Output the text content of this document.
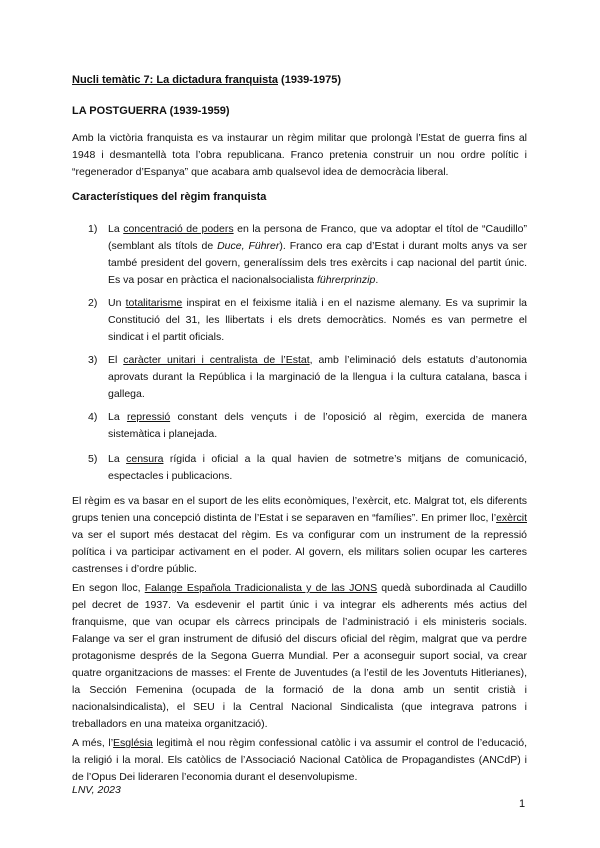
Nucli temàtic 7: La dictadura franquista (1939-1975)

LA POSTGUERRA (1939-1959)

Amb la victòria franquista es va instaurar un règim militar que prolongà l’Estat de guerra fins al 1948 i desmantellà tota l’obra republicana. Franco pretenia construir un nou ordre polític i “regenerador d’Espanya” que acabara amb qualsevol idea de democràcia liberal.

Característiques del règim franquista

1)	La concentració de poders en la persona de Franco, que va adoptar el títol de “Caudillo” (semblant als títols de Duce, Führer). Franco era cap d’Estat i durant molts anys va ser també president del govern, generalíssim dels tres exèrcits i cap nacional del partit únic. Es va posar en pràctica el nacionalsocialista führerprinzip.
2)	Un totalitarisme inspirat en el feixisme italià i en el nazisme alemany. Es va suprimir la Constitució del 31, les llibertats i els drets democràtics. Només es van permetre el sindicat i el partit oficials.
3)	El caràcter unitari i centralista de l’Estat, amb l’eliminació dels estatuts d’autonomia aprovats durant la República i la marginació de la llengua i la cultura catalana, basca i gallega.
4)	La repressió constant dels vençuts i de l’oposició al règim, exercida de manera sistemàtica i planejada.
5)	La censura rígida i oficial a la qual havien de sotmetre’s mitjans de comunicació, espectacles i publicacions.

El règim es va basar en el suport de les elits econòmiques, l’exèrcit, etc. Malgrat tot, els diferents grups tenien una concepció distinta de l’Estat i se separaven en “famílies”. En primer lloc, l’exèrcit va ser el suport més destacat del règim. Es va configurar com un instrument de la repressió política i va participar activament en el poder. Al govern, els militars solien ocupar les carteres castrenses i d’ordre públic.

En segon lloc, Falange Española Tradicionalista y de las JONS quedà subordinada al Caudillo pel decret de 1937. Va esdevenir el partit únic i va integrar els adherents més actius del franquisme, que van ocupar els càrrecs principals de l’administració i els ministeris socials. Falange va ser el gran instrument de difusió del discurs oficial del règim, malgrat que va perdre protagonisme després de la Segona Guerra Mundial. Per a aconseguir suport social, va crear quatre organitzacions de masses: el Frente de Juventudes (a l’estil de les Joventuts Hitlerianes), la Sección Femenina (ocupada de la formació de la dona amb un sentit cristià i nacionalsindicalista), el SEU i la Central Nacional Sindicalista (que integrava patrons i treballadors en una mateixa organització).

A més, l’Església legitimà el nou règim confessional catòlic i va assumir el control de l’educació, la religió i la moral. Els catòlics de l’Associació Nacional Catòlica de Propagandistes (ANCdP) i de l’Opus Dei lideraren l’economia durant el desenvolupisme.

LNV, 2023
1
